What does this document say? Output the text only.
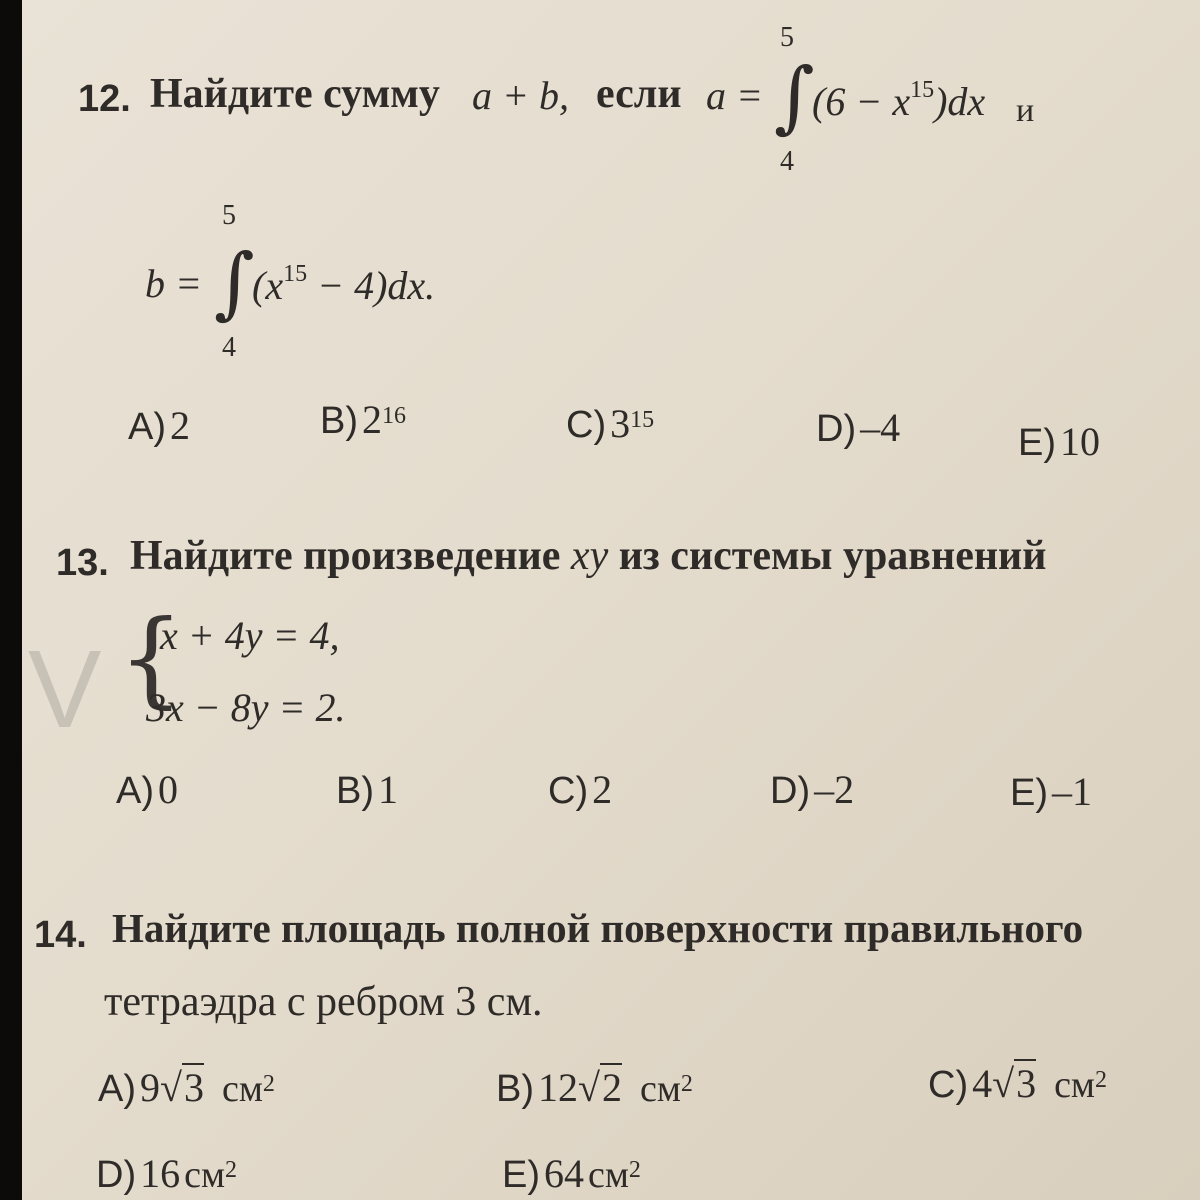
12. Найдите сумму a + b, если a =
5
∫
4
$(6 - x^{15})dx$ и
b =
5
∫
4
$(x^{15} - 4)dx$.
A) 2	B) $2^{16}$	C) $3^{15}$	D) –4	E) 10
13. Найдите произведение xy из системы уравнений
V {
x + 4y = 4,
3x − 8y = 2.
A) 0	B) 1	C) 2	D) –2	E) –1
14. Найдите площадь полной поверхности правильного
тетраэдра с ребром 3 см.
A) 9√3 $см^2$	B) 12√2 $см^2$	C) 4√3 $см^2$
D) 16 $см^2$	E) 64 $см^2$
